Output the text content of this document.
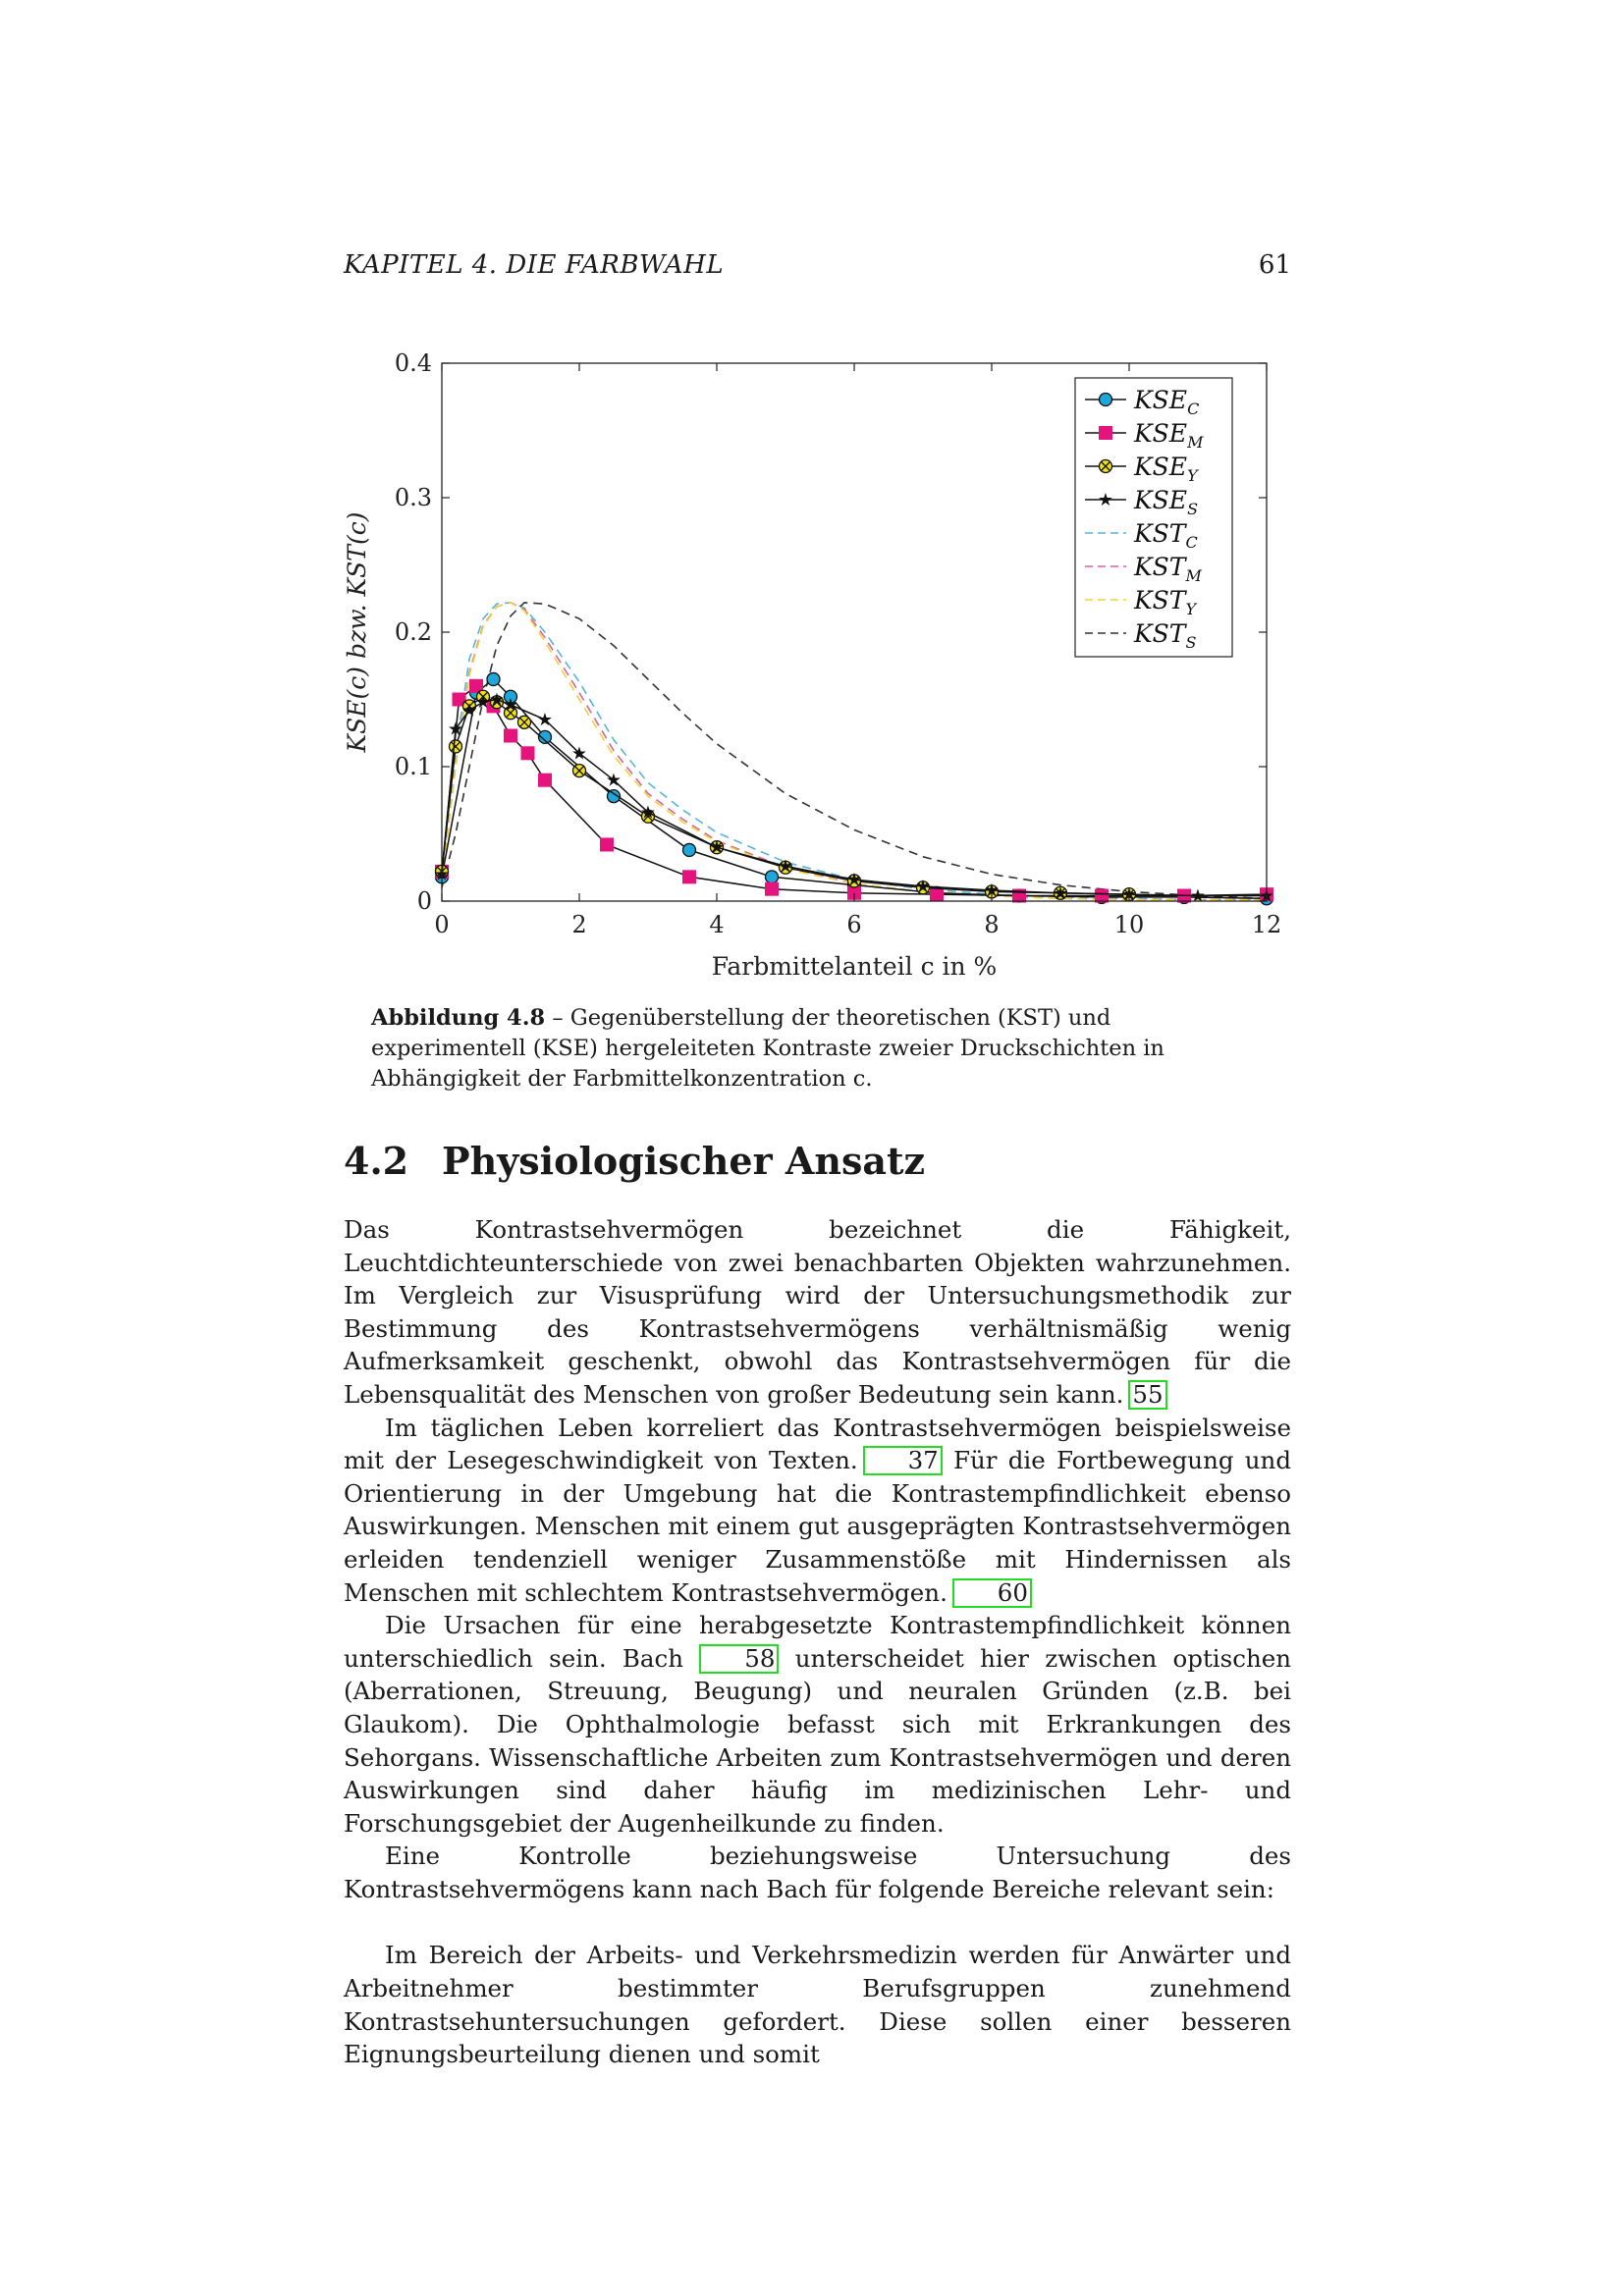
KAPITEL 4. DIE FARBWAHL	61
★
★
★
★
★
★
★
★
★
★
★
★
★	★	★	★	★	★	★
0	2	4	6	8	10	12
0
0.1
0.2
0.3
0.4
Farbmittelanteil c in %
KSE(c) bzw. KST(c)
$KSE_C$
$KSE_M$
$KSE_Y$
★ $KSE_S$
$KST_C$
$KST_M$
$KST_Y$
$KST_S$
Abbildung 4.8 – Gegenüberstellung der theoretischen (KST) und experimentell (KSE) hergeleiteten Kontraste zweier Druckschichten in Abhängigkeit der Farbmittelkonzentration c.
4.2 Physiologischer Ansatz

Das Kontrastsehvermögen bezeichnet die Fähigkeit, Leuchtdichteunterschiede von zwei benachbarten Objekten wahrzunehmen. Im Vergleich zur Visusprüfung wird der Untersuchungsmethodik zur Bestimmung des Kontrastsehvermögens verhältnismäßig wenig Aufmerksamkeit geschenkt, obwohl das Kontrastsehvermögen für die Lebensqualität des Menschen von großer Bedeutung sein kann.  55

Im täglichen Leben korreliert das Kontrastsehvermögen beispielsweise mit der Lesegeschwindigkeit von Texten.  37 Für die Fortbewegung und Orientierung in der Umgebung hat die Kontrastempfindlichkeit ebenso Auswirkungen. Menschen mit einem gut ausgeprägten Kontrastsehvermögen erleiden tendenziell weniger Zusammenstöße mit Hindernissen als Menschen mit schlechtem Kontrastsehvermögen.  60

Die Ursachen für eine herabgesetzte Kontrastempfindlichkeit können unterschiedlich sein. Bach 58 unterscheidet hier zwischen optischen (Aberrationen, Streuung, Beugung) und neuralen Gründen (z.B. bei Glaukom). Die Ophthalmologie befasst sich mit Erkrankungen des Sehorgans. Wissenschaftliche Arbeiten zum Kontrastsehvermögen und deren Auswirkungen sind daher häufig im medizinischen Lehr- und Forschungsgebiet der Augenheilkunde zu finden.

Eine Kontrolle beziehungsweise Untersuchung des Kontrastsehvermögens kann nach Bach für folgende Bereiche relevant sein:

Im Bereich der Arbeits- und Verkehrsmedizin werden für Anwärter und Arbeitnehmer bestimmter Berufsgruppen zunehmend Kontrastsehuntersuchungen gefordert. Diese sollen einer besseren Eignungsbeurteilung dienen und somit
